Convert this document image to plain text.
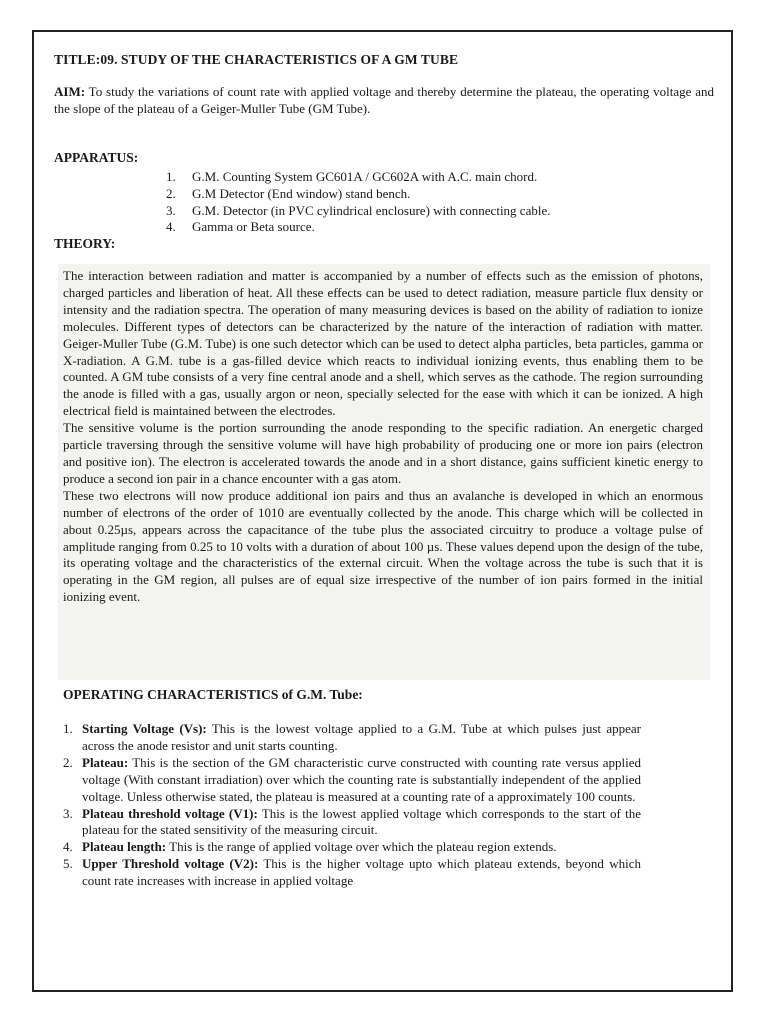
TITLE:09. STUDY OF THE CHARACTERISTICS OF A GM TUBE
AIM: To study the variations of count rate with applied voltage and thereby determine the plateau, the operating voltage and the slope of the plateau of a Geiger-Muller Tube (GM Tube).
APPARATUS:
1. G.M. Counting System GC601A / GC602A with A.C. main chord.
2. G.M Detector (End window) stand bench.
3. G.M. Detector (in PVC cylindrical enclosure) with connecting cable.
4. Gamma or Beta source.
THEORY:

The interaction between radiation and matter is accompanied by a number of effects such as the emission of photons, charged particles and liberation of heat. All these effects can be used to detect radiation, measure particle flux density or intensity and the radiation spectra. The operation of many measuring devices is based on the ability of radiation to ionize molecules. Different types of detectors can be characterized by the nature of the interaction of radiation with matter. Geiger-Muller Tube (G.M. Tube) is one such detector which can be used to detect alpha particles, beta particles, gamma or X-radiation. A G.M. tube is a gas-filled device which reacts to individual ionizing events, thus enabling them to be counted. A GM tube consists of a very fine central anode and a shell, which serves as the cathode. The region surrounding the anode is filled with a gas, usually argon or neon, specially selected for the ease with which it can be ionized. A high electrical field is maintained between the electrodes.

The sensitive volume is the portion surrounding the anode responding to the specific radiation. An energetic charged particle traversing through the sensitive volume will have high probability of producing one or more ion pairs (electron and positive ion). The electron is accelerated towards the anode and in a short distance, gains sufficient kinetic energy to produce a second ion pair in a chance encounter with a gas atom.

These two electrons will now produce additional ion pairs and thus an avalanche is developed in which an enormous number of electrons of the order of 1010 are eventually collected by the anode. This charge which will be collected in about 0.25µs, appears across the capacitance of the tube plus the associated circuitry to produce a voltage pulse of amplitude ranging from 0.25 to 10 volts with a duration of about 100 µs. These values depend upon the design of the tube, its operating voltage and the characteristics of the external circuit. When the voltage across the tube is such that it is operating in the GM region, all pulses are of equal size irrespective of the number of ion pairs formed in the initial ionizing event.

OPERATING CHARACTERISTICS of G.M. Tube:
1. Starting Voltage (Vs): This is the lowest voltage applied to a G.M. Tube at which pulses just appear across the anode resistor and unit starts counting.
2. Plateau: This is the section of the GM characteristic curve constructed with counting rate versus applied voltage (With constant irradiation) over which the counting rate is substantially independent of the applied voltage. Unless otherwise stated, the plateau is measured at a counting rate of a approximately 100 counts.
3. Plateau threshold voltage (V1): This is the lowest applied voltage which corresponds to the start of the plateau for the stated sensitivity of the measuring circuit.
4. Plateau length: This is the range of applied voltage over which the plateau region extends.
5. Upper Threshold voltage (V2): This is the higher voltage upto which plateau extends, beyond which count rate increases with increase in applied voltage
